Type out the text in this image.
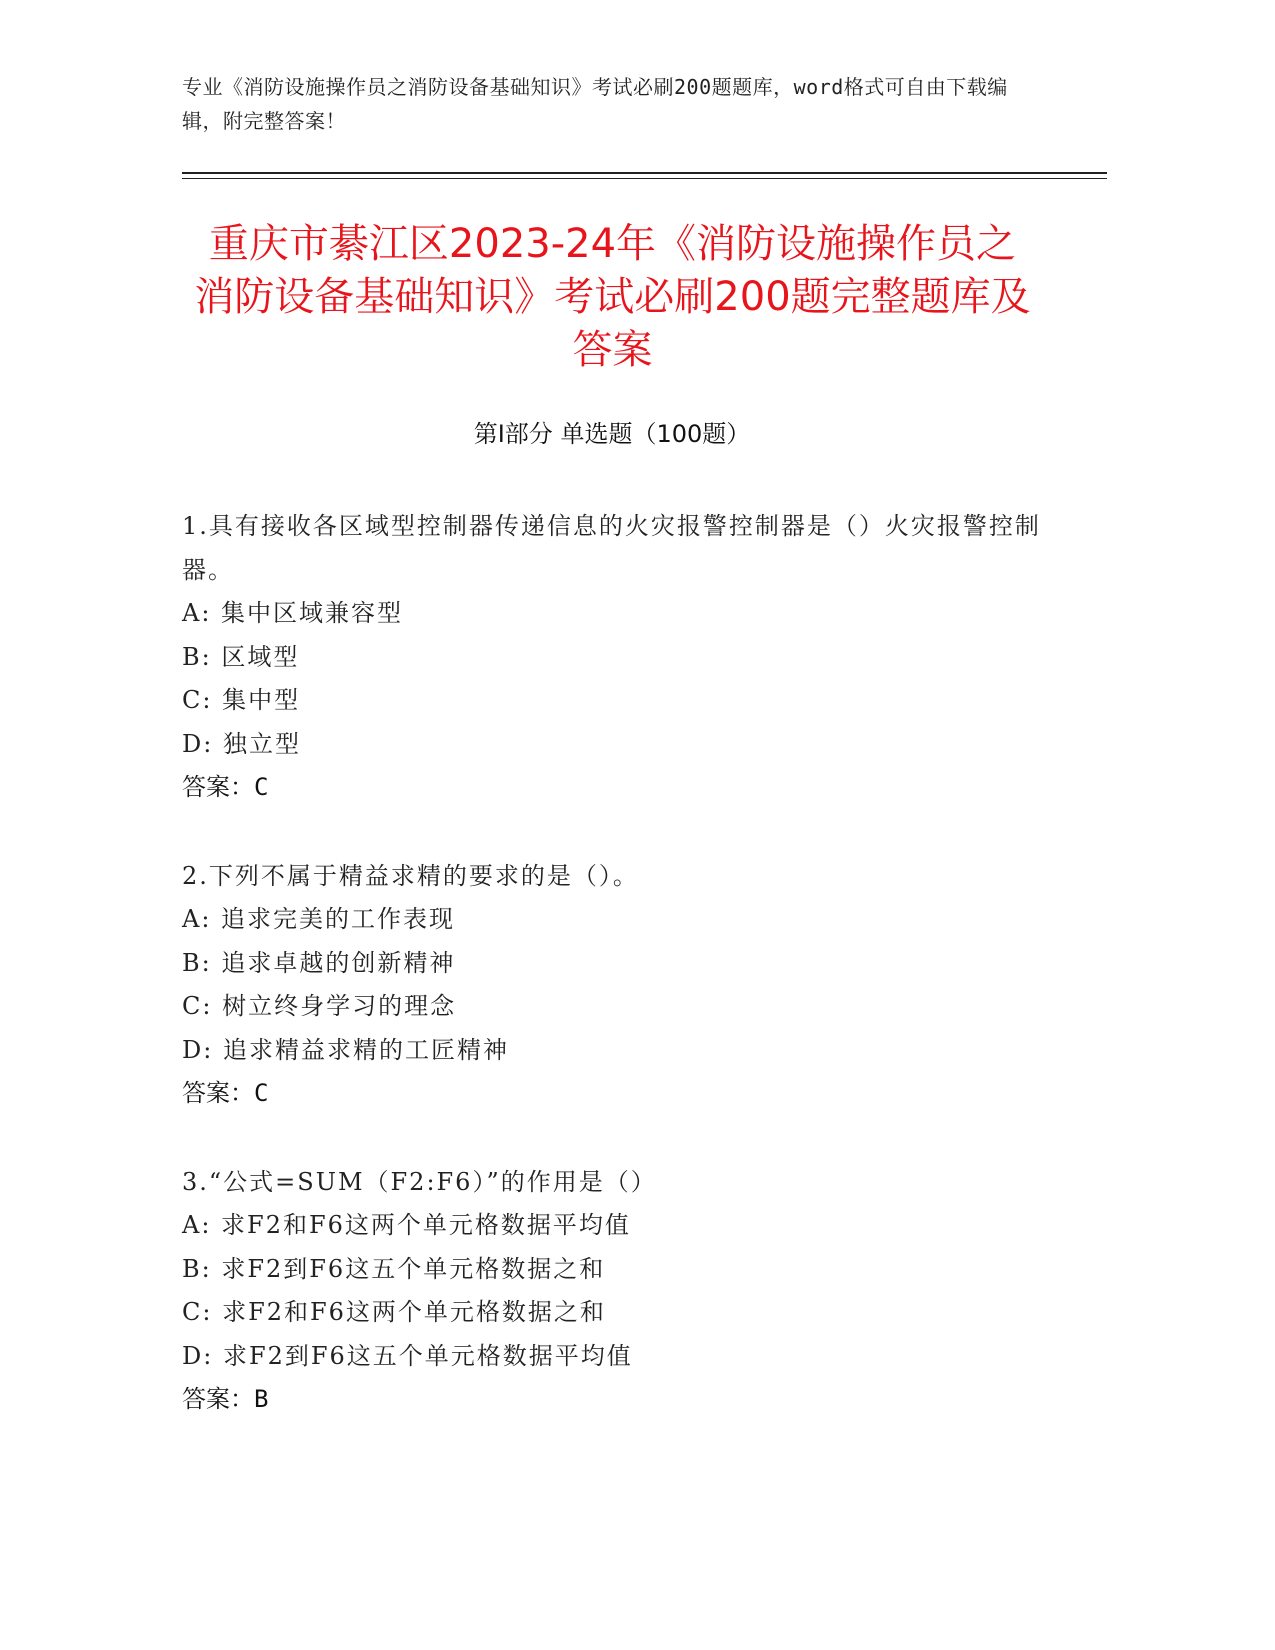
专业《消防设施操作员之消防设备基础知识》考试必刷200题题库，word格式可自由下载编辑，附完整答案！
重庆市綦江区2023-24年《消防设施操作员之消防设备基础知识》考试必刷200题完整题库及答案
第I部分 单选题（100题）
1.具有接收各区域型控制器传递信息的火灾报警控制器是（）火灾报警控制器。
A: 集中区域兼容型
B: 区域型
C: 集中型
D: 独立型
答案：C
2.下列不属于精益求精的要求的是（）。
A: 追求完美的工作表现
B: 追求卓越的创新精神
C: 树立终身学习的理念
D: 追求精益求精的工匠精神
答案：C
3.“公式=SUM（F2:F6）”的作用是（）
A: 求F2和F6这两个单元格数据平均值
B: 求F2到F6这五个单元格数据之和
C: 求F2和F6这两个单元格数据之和
D: 求F2到F6这五个单元格数据平均值
答案：B
